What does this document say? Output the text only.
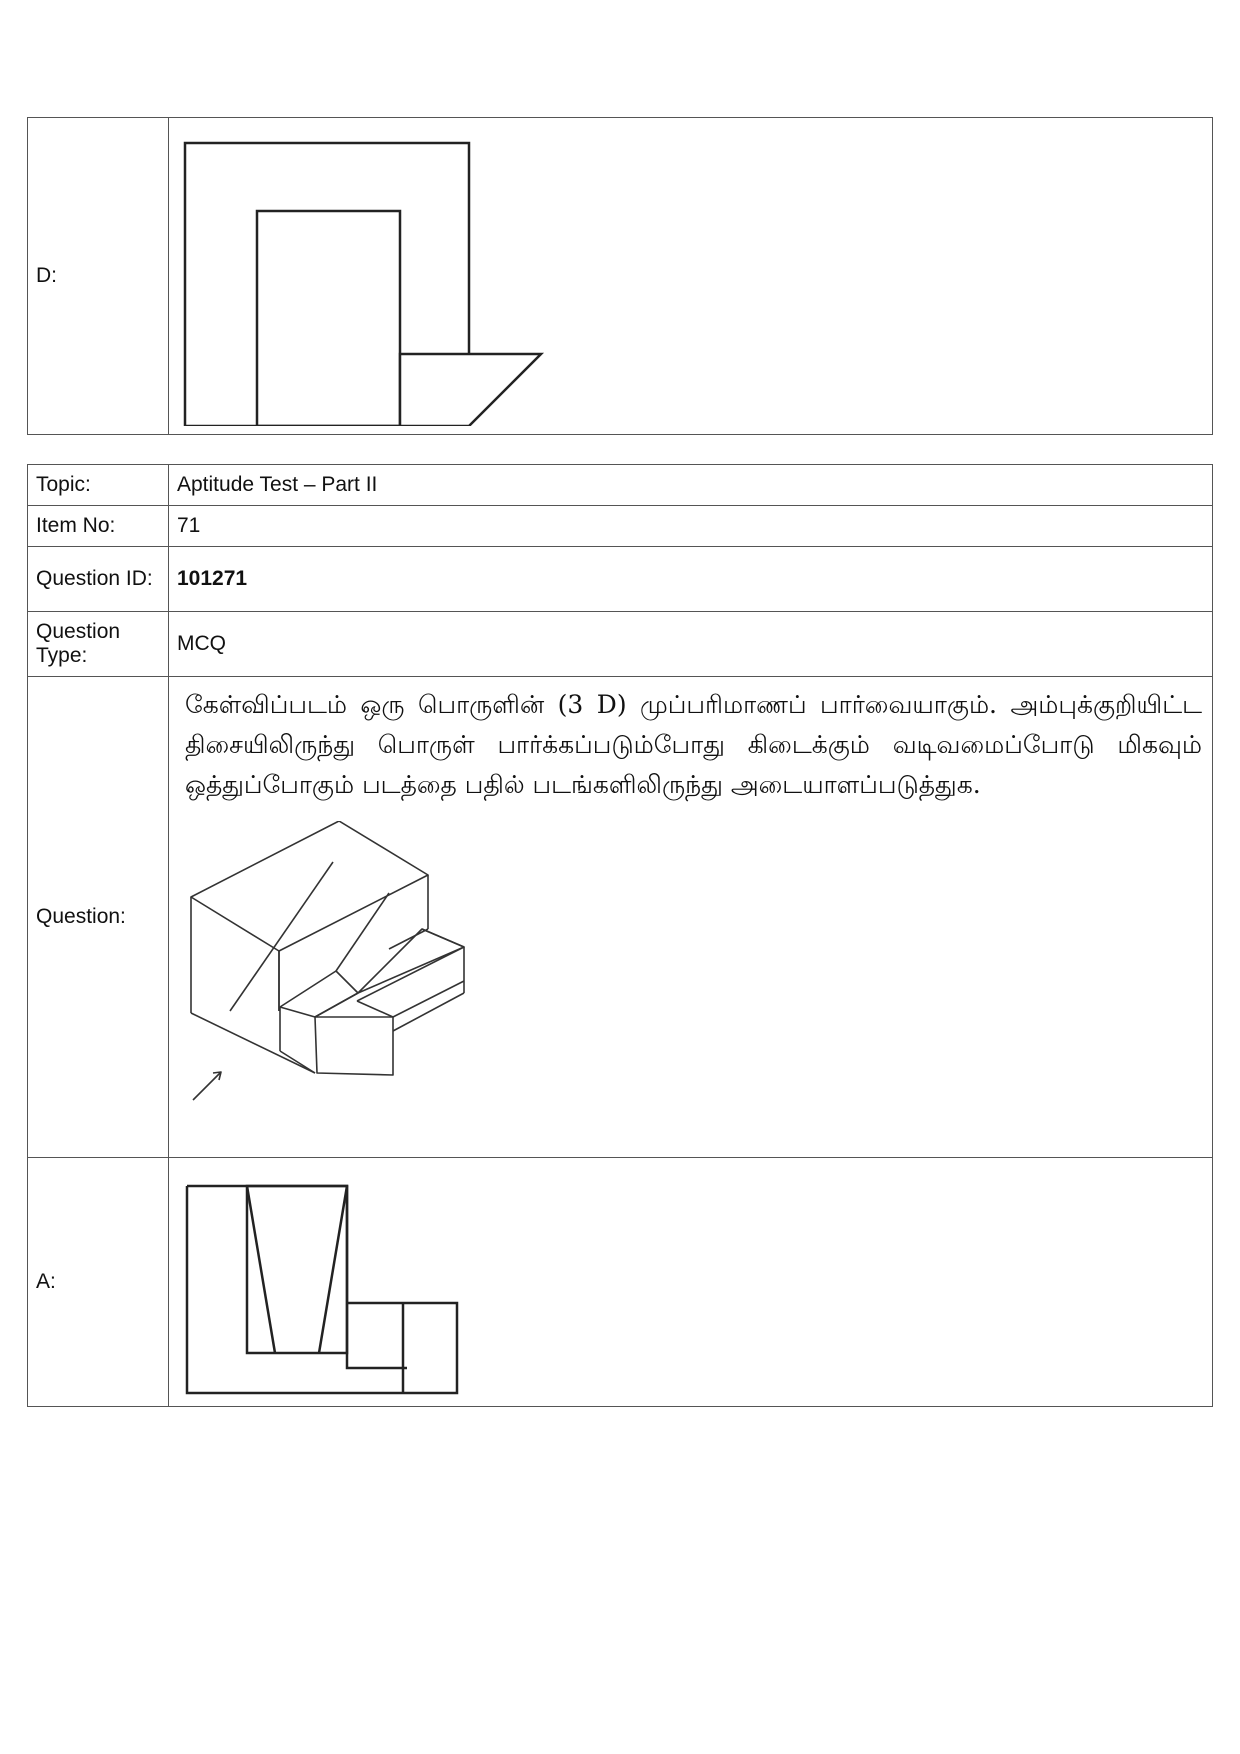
D:	
Topic:	Aptitude Test – Part II
Item No:	71
Question ID:	101271
Question Type:	MCQ
Question:	கேள்விப்படம் ஒரு பொருளின் (3 D) முப்பரிமாணப் பார்வையாகும். அம்புக்குறியிட்ட திசையிலிருந்து பொருள் பார்க்கப்படும்போது கிடைக்கும் வடிவமைப்போடு மிகவும் ஒத்துப்போகும் படத்தை பதில் படங்களிலிருந்து அடையாளப்படுத்துக.

A:	
